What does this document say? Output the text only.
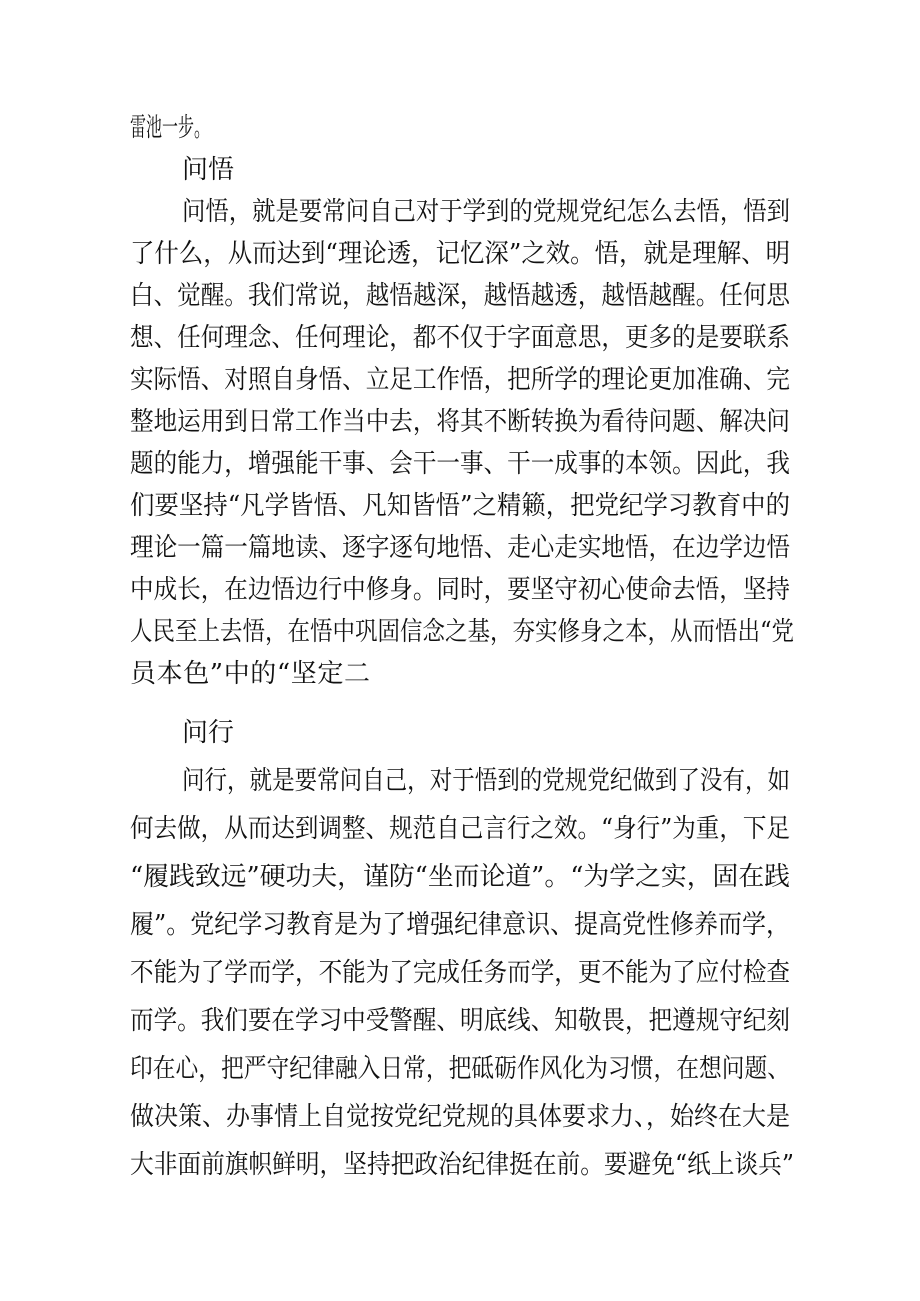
雷池一步。
问悟
问悟，就是要常问自己对于学到的党规党纪怎么去悟，悟到
了什么，从而达到“理论透，记忆深”之效。悟，就是理解、明
白、觉醒。我们常说，越悟越深，越悟越透，越悟越醒。任何思
想、任何理念、任何理论，都不仅于字面意思，更多的是要联系
实际悟、对照自身悟、立足工作悟，把所学的理论更加准确、完
整地运用到日常工作当中去，将其不断转换为看待问题、解决问
题的能力，增强能干事、会干一事、干一成事的本领。因此，我
们要坚持“凡学皆悟、凡知皆悟”之精籁，把党纪学习教育中的
理论一篇一篇地读、逐字逐句地悟、走心走实地悟，在边学边悟
中成长，在边悟边行中修身。同时，要坚守初心使命去悟，坚持
人民至上去悟，在悟中巩固信念之基，夯实修身之本，从而悟出“党
员本色”中的“坚定二
问行
问行，就是要常问自己，对于悟到的党规党纪做到了没有，如
何去做，从而达到调整、规范自己言行之效。“身行”为重，下足
“履践致远”硬功夫，谨防“坐而论道”。“为学之实，固在践
履”。党纪学习教育是为了增强纪律意识、提高党性修养而学，
不能为了学而学，不能为了完成任务而学，更不能为了应付检查
而学。我们要在学习中受警醒、明底线、知敬畏，把遵规守纪刻
印在心，把严守纪律融入日常，把砥砺作风化为习惯，在想问题、
做决策、办事情上自觉按党纪党规的具体要求力、，始终在大是
大非面前旗帜鲜明，坚持把政治纪律挺在前。要避免“纸上谈兵”
